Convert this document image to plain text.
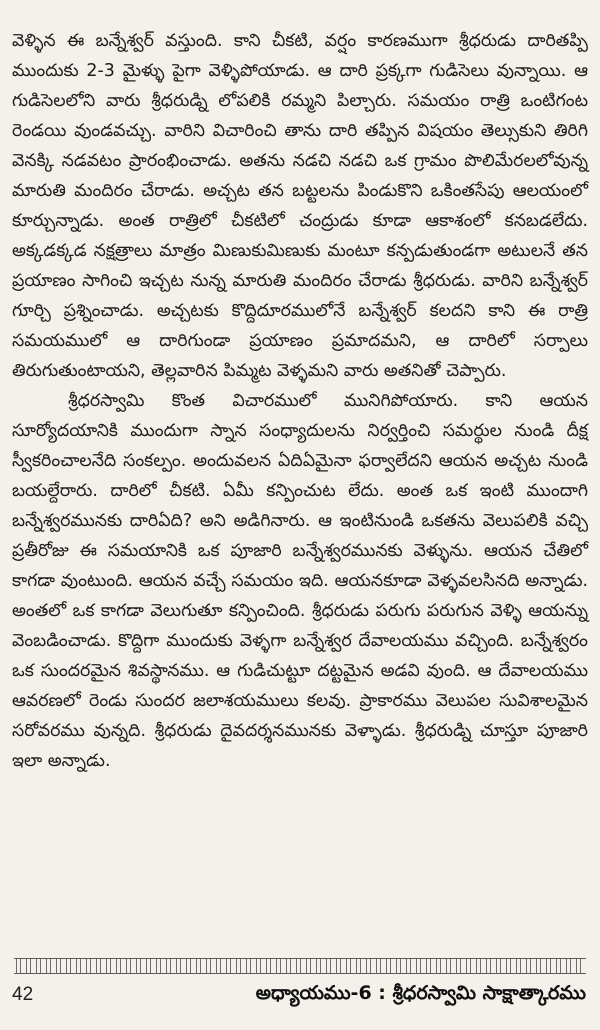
వెళ్ళిన ఈ బన్నేశ్వర్ వస్తుంది. కాని చీకటి, వర్షం కారణముగా శ్రీధరుడు దారితప్పి ముందుకు 2-3 మైళ్ళు పైగా వెళ్ళిపోయాడు. ఆ దారి ప్రక్కగా గుడిసెలు వున్నాయి. ఆ గుడిసెలలోని వారు శ్రీధరుడ్ని లోపలికి రమ్మని పిల్చారు. సమయం రాత్రి ఒంటిగంట రెండయి వుండవచ్చు. వారిని విచారించి తాను దారి తప్పిన విషయం తెల్సుకుని తిరిగి వెనక్కి నడవటం ప్రారంభించాడు. అతను నడచి నడచి ఒక గ్రామం పొలిమేరలలోవున్న మారుతి మందిరం చేరాడు. అచ్చట తన బట్టలను పిండుకొని ఒకింతసేపు ఆలయంలో కూర్చున్నాడు. అంత రాత్రిలో చీకటిలో చంద్రుడు కూడా ఆకాశంలో కనబడలేదు. అక్కడక్కడ నక్షత్రాలు మాత్రం మిణుకుమిణుకు మంటూ కన్పడుతుండగా అటులనే తన ప్రయాణం సాగించి ఇచ్చట నున్న మారుతి మందిరం చేరాడు శ్రీధరుడు. వారిని బన్నేశ్వర్ గూర్చి ప్రశ్నించాడు. అచ్చటకు కొద్దిదూరములోనే బన్నేశ్వర్ కలదని కాని ఈ రాత్రి సమయములో ఆ దారిగుండా ప్రయాణం ప్రమాదమని, ఆ దారిలో సర్పాలు తిరుగుతుంటాయని, తెల్లవారిన పిమ్మట వెళ్ళమని వారు అతనితో చెప్పారు.

శ్రీధరస్వామి కొంత విచారములో మునిగిపోయారు. కాని ఆయన సూర్యోదయానికి ముందుగా స్నాన సంధ్యాదులను నిర్వర్తించి సమర్థుల నుండి దీక్ష స్వీకరించాలనేది సంకల్పం. అందువలన ఏదిఏమైనా ఫర్వాలేదని ఆయన అచ్చట నుండి బయల్దేరారు. దారిలో చీకటి. ఏమీ కన్పించుట లేదు. అంత ఒక ఇంటి ముందాగి బన్నేశ్వరమునకు దారిఏది? అని అడిగినారు. ఆ ఇంటినుండి ఒకతను వెలుపలికి వచ్చి ప్రతీరోజు ఈ సమయానికి ఒక పూజారి బన్నేశ్వరమునకు వెళ్ళును. ఆయన చేతిలో కాగడా వుంటుంది. ఆయన వచ్చే సమయం ఇది. ఆయనకూడా వెళ్ళవలసినది అన్నాడు. అంతలో ఒక కాగడా వెలుగుతూ కన్పించింది. శ్రీధరుడు పరుగు పరుగున వెళ్ళి ఆయన్ను వెంబడించాడు. కొద్దిగా ముందుకు వెళ్ళగా బన్నేశ్వర దేవాలయము వచ్చింది. బన్నేశ్వరం ఒక సుందరమైన శివస్థానము. ఆ గుడిచుట్టూ దట్టమైన అడవి వుంది. ఆ దేవాలయము ఆవరణలో రెండు సుందర జలాశయములు కలవు. ప్రాకారము వెలుపల సువిశాలమైన సరోవరము వున్నది. శ్రీధరుడు దైవదర్శనమునకు వెళ్ళాడు. శ్రీధరుడ్ని చూస్తూ పూజారి ఇలా అన్నాడు.

42	అధ్యాయము-6 : శ్రీధరస్వామి సాక్షాత్కారము
